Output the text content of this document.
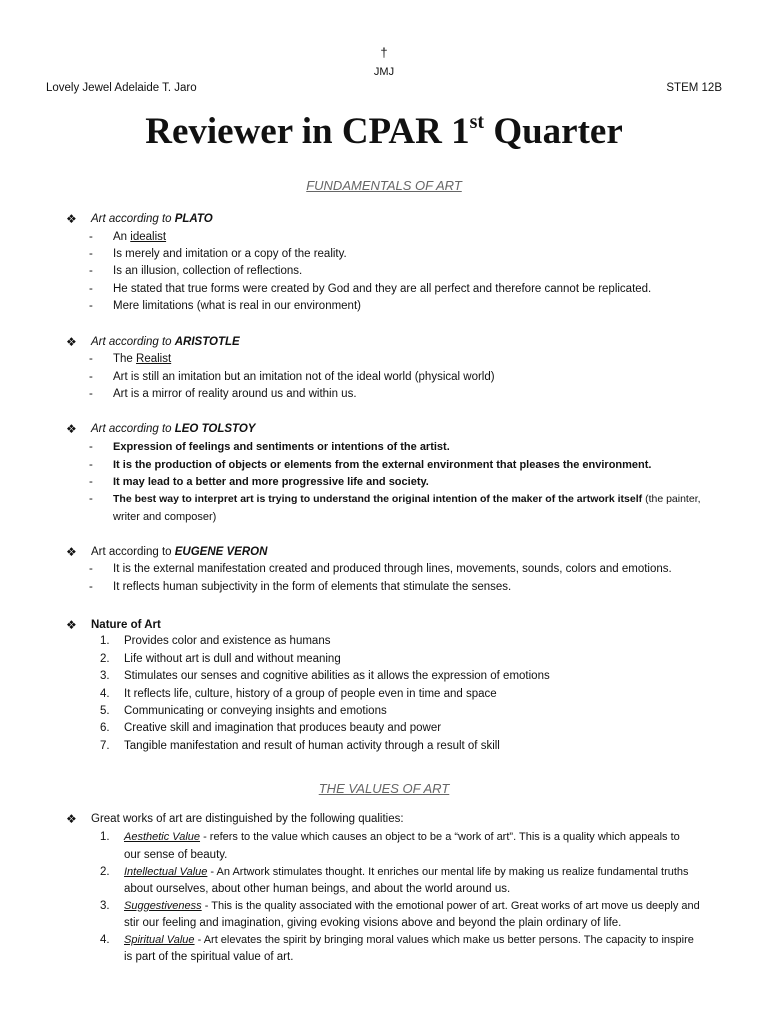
†
JMJ
Lovely Jewel Adelaide T. Jaro	STEM 12B
Reviewer in CPAR 1st Quarter
FUNDAMENTALS OF ART
❖ Art according to PLATO
- An idealist
- Is merely and imitation or a copy of the reality.
- Is an illusion, collection of reflections.
- He stated that true forms were created by God and they are all perfect and therefore cannot be replicated.
- Mere limitations (what is real in our environment)
❖ Art according to ARISTOTLE
- The Realist
- Art is still an imitation but an imitation not of the ideal world (physical world)
- Art is a mirror of reality around us and within us.
❖ Art according to LEO TOLSTOY
- Expression of feelings and sentiments or intentions of the artist.
- It is the production of objects or elements from the external environment that pleases the environment.
- It may lead to a better and more progressive life and society.
- The best way to interpret art is trying to understand the original intention of the maker of the artwork itself (the painter,
writer and composer)
❖ Art according to EUGENE VERON
- It is the external manifestation created and produced through lines, movements, sounds, colors and emotions.
- It reflects human subjectivity in the form of elements that stimulate the senses.
❖ Nature of Art
1. Provides color and existence as humans
2. Life without art is dull and without meaning
3. Stimulates our senses and cognitive abilities as it allows the expression of emotions
4. It reflects life, culture, history of a group of people even in time and space
5. Communicating or conveying insights and emotions
6. Creative skill and imagination that produces beauty and power
7. Tangible manifestation and result of human activity through a result of skill
THE VALUES OF ART
❖ Great works of art are distinguished by the following qualities:
1. Aesthetic Value - refers to the value which causes an object to be a “work of art”. This is a quality which appeals to
our sense of beauty.
2. Intellectual Value - An Artwork stimulates thought. It enriches our mental life by making us realize fundamental truths
about ourselves, about other human beings, and about the world around us.
3. Suggestiveness - This is the quality associated with the emotional power of art. Great works of art move us deeply and
stir our feeling and imagination, giving evoking visions above and beyond the plain ordinary of life.
4. Spiritual Value - Art elevates the spirit by bringing moral values which make us better persons. The capacity to inspire
is part of the spiritual value of art.
